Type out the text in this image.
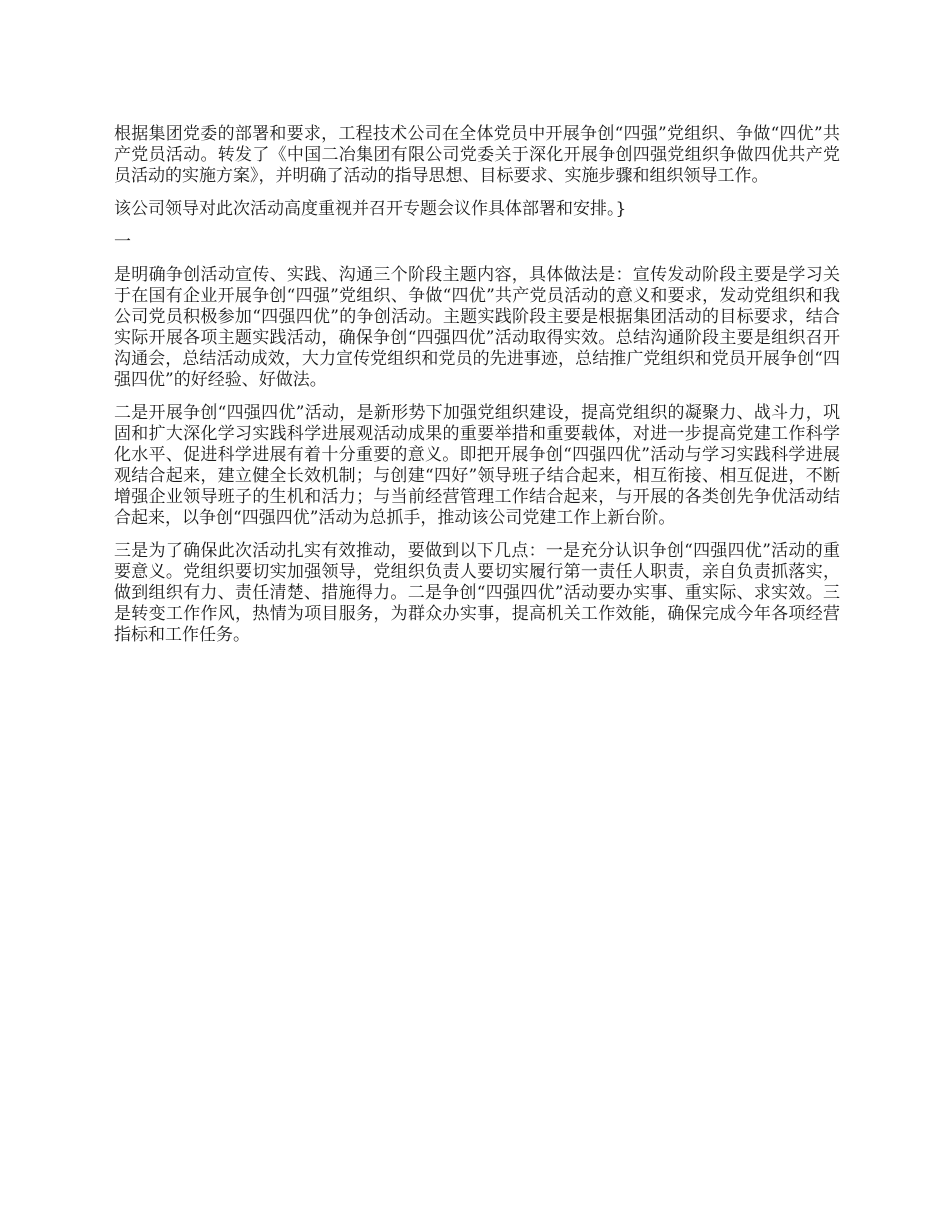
根据集团党委的部署和要求，工程技术公司在全体党员中开展争创“四强”党组织、争做“四优”共产党员活动。转发了《中国二冶集团有限公司党委关于深化开展争创四强党组织争做四优共产党员活动的实施方案》，并明确了活动的指导思想、目标要求、实施步骤和组织领导工作。

该公司领导对此次活动高度重视并召开专题会议作具体部署和安排。}

一

是明确争创活动宣传、实践、沟通三个阶段主题内容，具体做法是：宣传发动阶段主要是学习关于在国有企业开展争创“四强”党组织、争做“四优”共产党员活动的意义和要求，发动党组织和我公司党员积极参加“四强四优”的争创活动。主题实践阶段主要是根据集团活动的目标要求，结合实际开展各项主题实践活动，确保争创“四强四优”活动取得实效。总结沟通阶段主要是组织召开沟通会，总结活动成效，大力宣传党组织和党员的先进事迹，总结推广党组织和党员开展争创“四强四优”的好经验、好做法。

二是开展争创“四强四优”活动，是新形势下加强党组织建设，提高党组织的凝聚力、战斗力，巩固和扩大深化学习实践科学进展观活动成果的重要举措和重要载体，对进一步提高党建工作科学化水平、促进科学进展有着十分重要的意义。即把开展争创“四强四优”活动与学习实践科学进展观结合起来，建立健全长效机制；与创建“四好”领导班子结合起来，相互衔接、相互促进，不断增强企业领导班子的生机和活力；与当前经营管理工作结合起来，与开展的各类创先争优活动结合起来，以争创“四强四优”活动为总抓手，推动该公司党建工作上新台阶。

三是为了确保此次活动扎实有效推动，要做到以下几点：一是充分认识争创“四强四优”活动的重要意义。党组织要切实加强领导，党组织负责人要切实履行第一责任人职责，亲自负责抓落实，做到组织有力、责任清楚、措施得力。二是争创“四强四优”活动要办实事、重实际、求实效。三是转变工作作风，热情为项目服务，为群众办实事，提高机关工作效能，确保完成今年各项经营指标和工作任务。
